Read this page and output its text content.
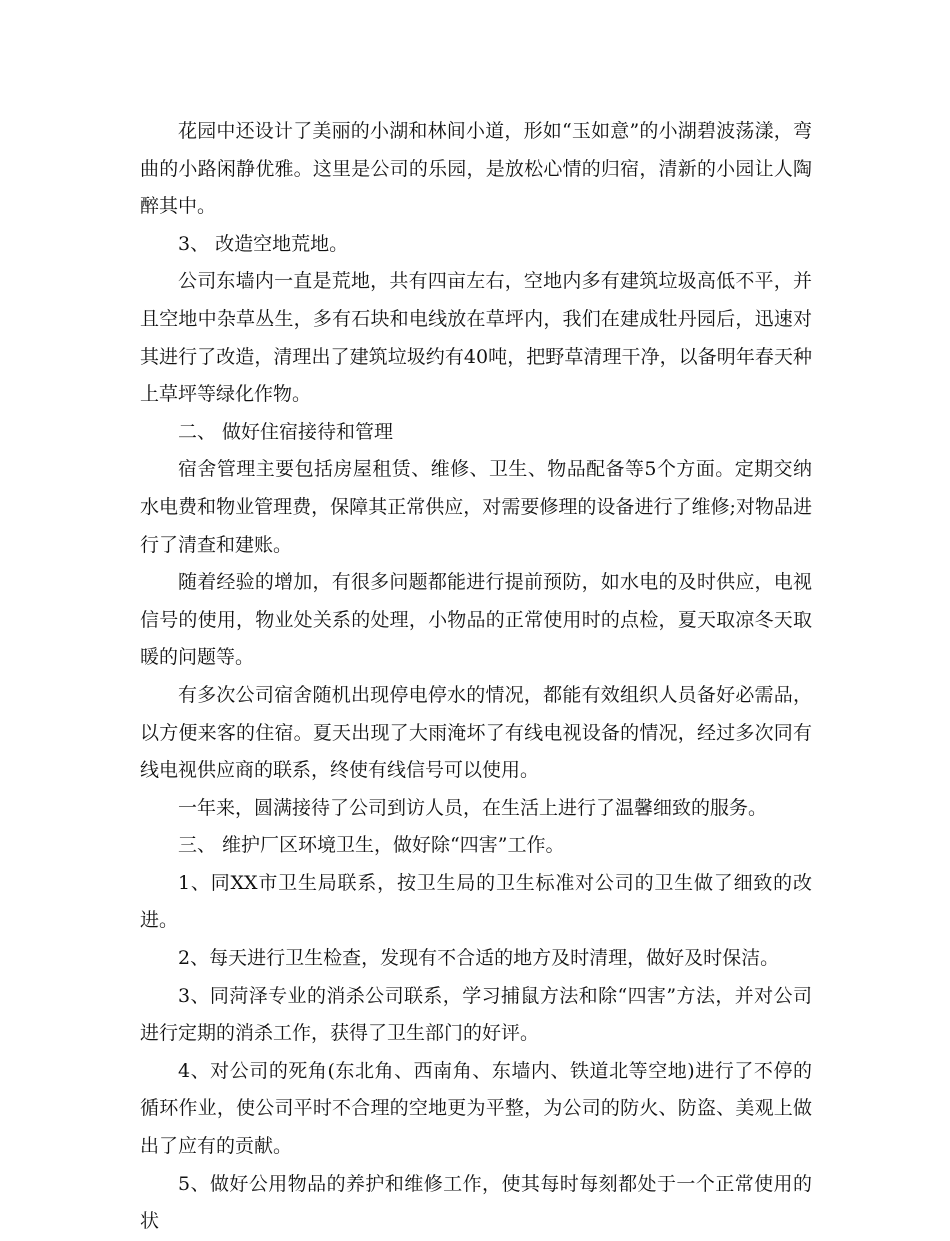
花园中还设计了美丽的小湖和林间小道，形如“玉如意”的小湖碧波荡漾，弯曲的小路闲静优雅。这里是公司的乐园，是放松心情的归宿，清新的小园让人陶醉其中。

3、 改造空地荒地。

公司东墙内一直是荒地，共有四亩左右，空地内多有建筑垃圾高低不平，并且空地中杂草丛生，多有石块和电线放在草坪内，我们在建成牡丹园后，迅速对其进行了改造，清理出了建筑垃圾约有40吨，把野草清理干净，以备明年春天种上草坪等绿化作物。

二、 做好住宿接待和管理

宿舍管理主要包括房屋租赁、维修、卫生、物品配备等5个方面。定期交纳水电费和物业管理费，保障其正常供应，对需要修理的设备进行了维修;对物品进行了清查和建账。

随着经验的增加，有很多问题都能进行提前预防，如水电的及时供应，电视信号的使用，物业处关系的处理，小物品的正常使用时的点检，夏天取凉冬天取暖的问题等。

有多次公司宿舍随机出现停电停水的情况，都能有效组织人员备好必需品，以方便来客的住宿。夏天出现了大雨淹坏了有线电视设备的情况，经过多次同有线电视供应商的联系，终使有线信号可以使用。

一年来，圆满接待了公司到访人员，在生活上进行了温馨细致的服务。

三、 维护厂区环境卫生，做好除“四害”工作。

1、同XX市卫生局联系，按卫生局的卫生标准对公司的卫生做了细致的改进。

2、每天进行卫生检查，发现有不合适的地方及时清理，做好及时保洁。

3、同菏泽专业的消杀公司联系，学习捕鼠方法和除“四害”方法，并对公司进行定期的消杀工作，获得了卫生部门的好评。

4、对公司的死角(东北角、西南角、东墙内、铁道北等空地)进行了不停的循环作业，使公司平时不合理的空地更为平整，为公司的防火、防盗、美观上做出了应有的贡献。

5、做好公用物品的养护和维修工作，使其每时每刻都处于一个正常使用的状
